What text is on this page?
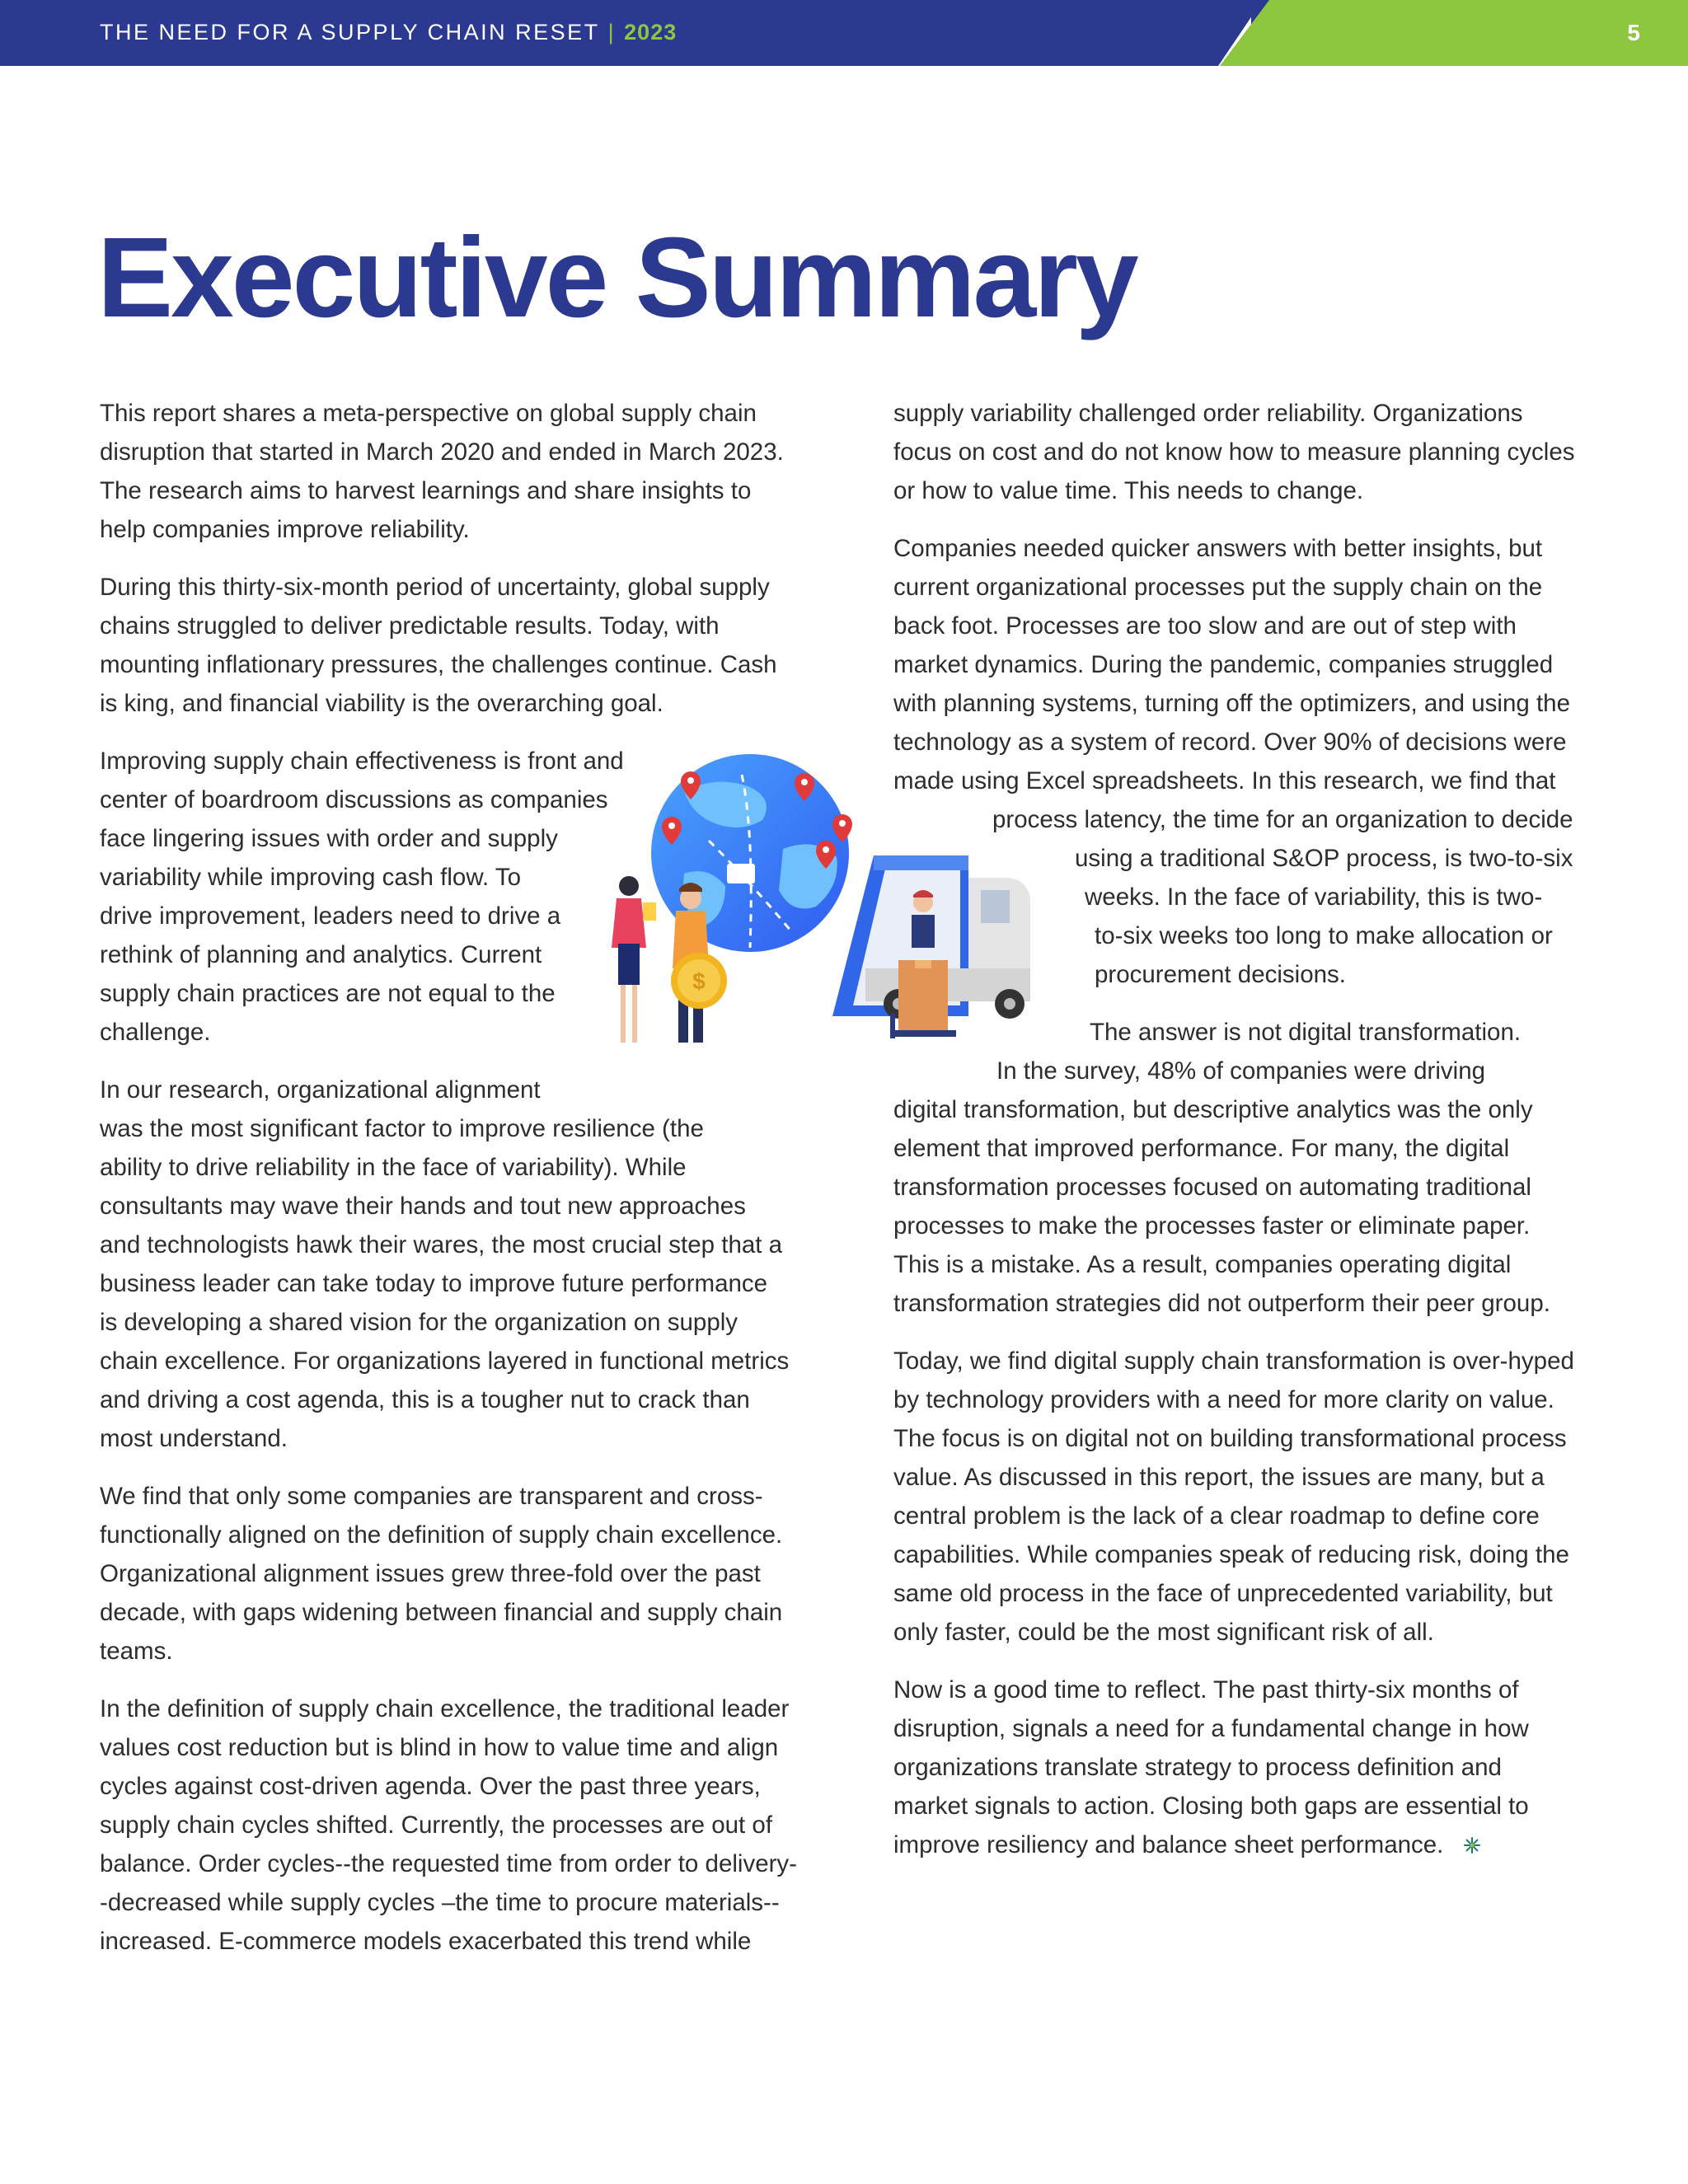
THE NEED FOR A SUPPLY CHAIN RESET | 2023	5
Executive Summary

This report shares a meta-perspective on global supply chain
disruption that started in March 2020 and ended in March 2023.
The research aims to harvest learnings and share insights to
help companies improve reliability.

During this thirty-six-month period of uncertainty, global supply
chains struggled to deliver predictable results. Today, with
mounting inflationary pressures, the challenges continue. Cash
is king, and financial viability is the overarching goal.

Improving supply chain effectiveness is front and
center of boardroom discussions as companies
face lingering issues with order and supply
variability while improving cash flow. To
drive improvement, leaders need to drive a
rethink of planning and analytics. Current
supply chain practices are not equal to the
challenge.

In our research, organizational alignment
was the most significant factor to improve resilience (the
ability to drive reliability in the face of variability). While
consultants may wave their hands and tout new approaches
and technologists hawk their wares, the most crucial step that a
business leader can take today to improve future performance
is developing a shared vision for the organization on supply
chain excellence. For organizations layered in functional metrics
and driving a cost agenda, this is a tougher nut to crack than
most understand.

We find that only some companies are transparent and cross-
functionally aligned on the definition of supply chain excellence.
Organizational alignment issues grew three-fold over the past
decade, with gaps widening between financial and supply chain
teams.

In the definition of supply chain excellence, the traditional leader
values cost reduction but is blind in how to value time and align
cycles against cost-driven agenda. Over the past three years,
supply chain cycles shifted. Currently, the processes are out of
balance. Order cycles--the requested time from order to delivery-
-decreased while supply cycles –the time to procure materials--
increased. E-commerce models exacerbated this trend while

supply variability challenged order reliability. Organizations
focus on cost and do not know how to measure planning cycles
or how to value time. This needs to change.

Companies needed quicker answers with better insights, but
current organizational processes put the supply chain on the
back foot. Processes are too slow and are out of step with
market dynamics. During the pandemic, companies struggled
with planning systems, turning off the optimizers, and using the
technology as a system of record. Over 90% of decisions were
made using Excel spreadsheets. In this research, we find that
process latency, the time for an organization to decide
using a traditional S&OP process, is two-to-six
weeks. In the face of variability, this is two-
to-six weeks too long to make allocation or
procurement decisions.

The answer is not digital transformation.
In the survey, 48% of companies were driving
digital transformation, but descriptive analytics was the only
element that improved performance. For many, the digital
transformation processes focused on automating traditional
processes to make the processes faster or eliminate paper.
This is a mistake. As a result, companies operating digital
transformation strategies did not outperform their peer group.

Today, we find digital supply chain transformation is over-hyped
by technology providers with a need for more clarity on value.
The focus is on digital not on building transformational process
value. As discussed in this report, the issues are many, but a
central problem is the lack of a clear roadmap to define core
capabilities. While companies speak of reducing risk, doing the
same old process in the face of unprecedented variability, but
only faster, could be the most significant risk of all.

Now is a good time to reflect. The past thirty-six months of
disruption, signals a need for a fundamental change in how
organizations translate strategy to process definition and
market signals to action. Closing both gaps are essential to
improve resiliency and balance sheet performance.

$
